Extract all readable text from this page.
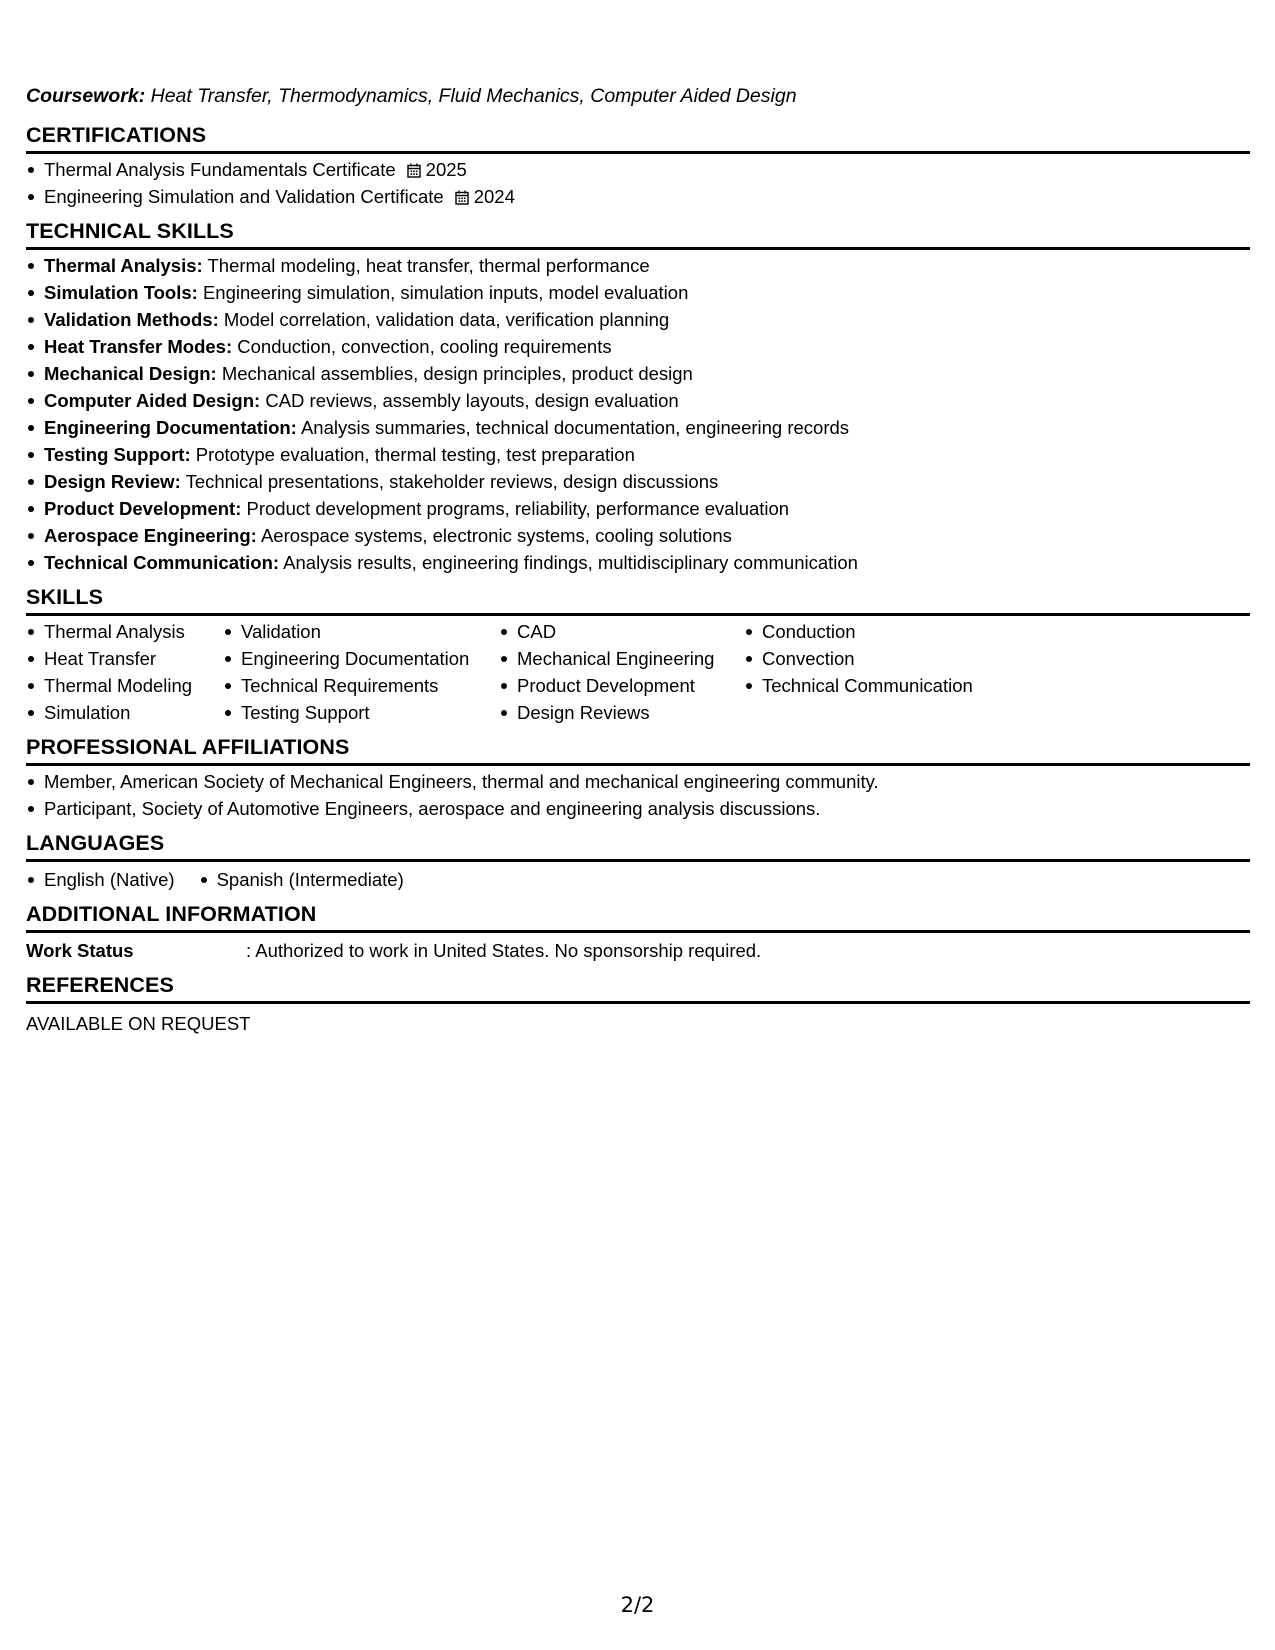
Coursework: Heat Transfer, Thermodynamics, Fluid Mechanics, Computer Aided Design
CERTIFICATIONS
Thermal Analysis Fundamentals Certificate 2025
Engineering Simulation and Validation Certificate 2024
TECHNICAL SKILLS
Thermal Analysis: Thermal modeling, heat transfer, thermal performance
Simulation Tools: Engineering simulation, simulation inputs, model evaluation
Validation Methods: Model correlation, validation data, verification planning
Heat Transfer Modes: Conduction, convection, cooling requirements
Mechanical Design: Mechanical assemblies, design principles, product design
Computer Aided Design: CAD reviews, assembly layouts, design evaluation
Engineering Documentation: Analysis summaries, technical documentation, engineering records
Testing Support: Prototype evaluation, thermal testing, test preparation
Design Review: Technical presentations, stakeholder reviews, design discussions
Product Development: Product development programs, reliability, performance evaluation
Aerospace Engineering: Aerospace systems, electronic systems, cooling solutions
Technical Communication: Analysis results, engineering findings, multidisciplinary communication
SKILLS
Thermal Analysis
Heat Transfer
Thermal Modeling
Simulation
Validation
Engineering Documentation
Technical Requirements
Testing Support
CAD
Mechanical Engineering
Product Development
Design Reviews
Conduction
Convection
Technical Communication
PROFESSIONAL AFFILIATIONS
Member, American Society of Mechanical Engineers, thermal and mechanical engineering community.
Participant, Society of Automotive Engineers, aerospace and engineering analysis discussions.
LANGUAGES
English (Native)	Spanish (Intermediate)
ADDITIONAL INFORMATION
Work Status	: Authorized to work in United States. No sponsorship required.
REFERENCES
AVAILABLE ON REQUEST
2/2
